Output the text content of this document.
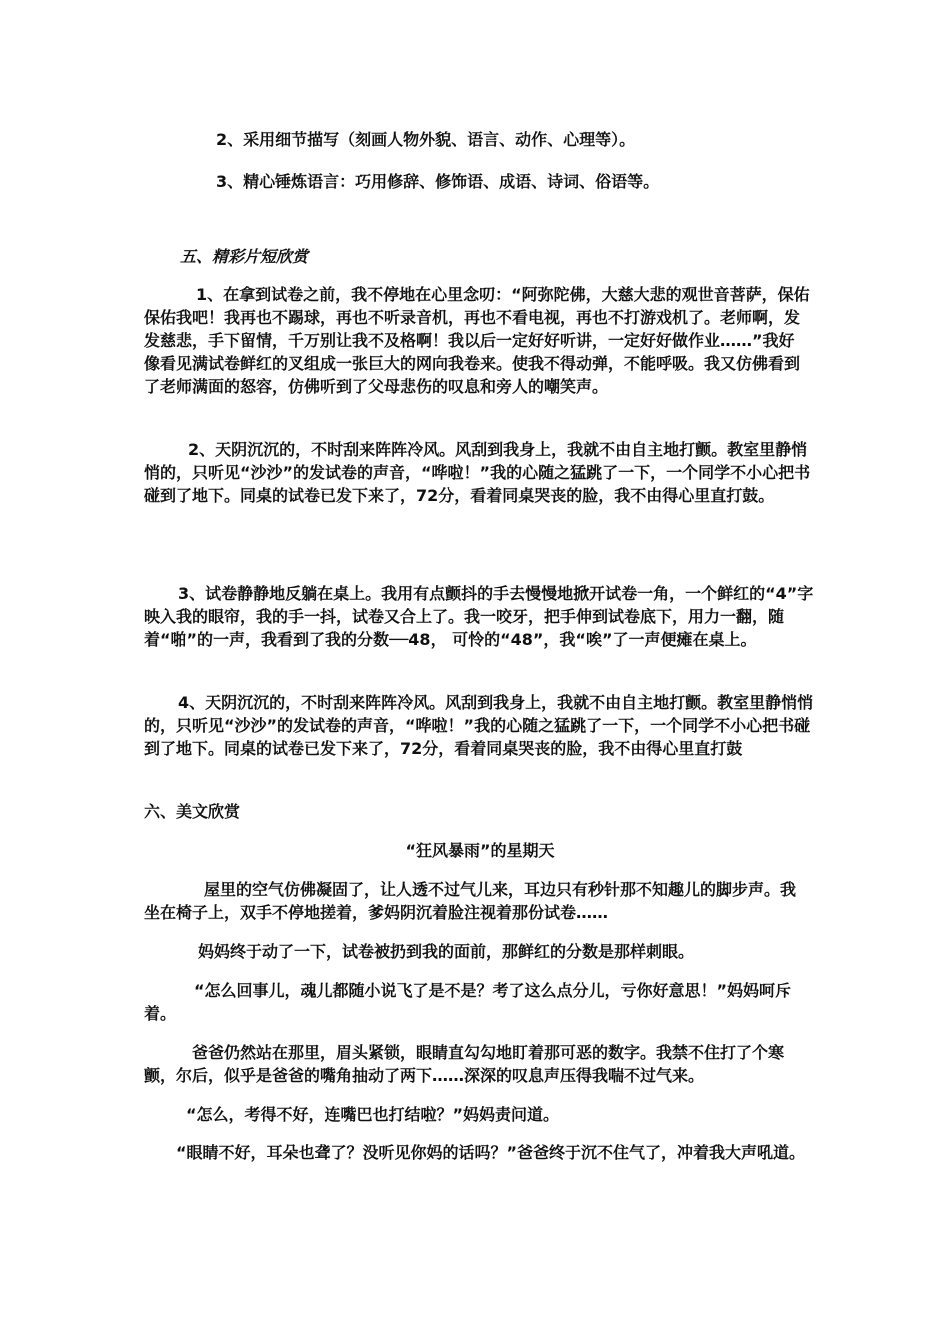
2、采用细节描写（刻画人物外貌、语言、动作、心理等）。
3、精心锤炼语言：巧用修辞、修饰语、成语、诗词、俗语等。
五、精彩片短欣赏
1、在拿到试卷之前，我不停地在心里念叨：“阿弥陀佛，大慈大悲的观世音菩萨，保佑保佑我吧！我再也不踢球，再也不听录音机，再也不看电视，再也不打游戏机了。老师啊，发发慈悲，手下留情，千万别让我不及格啊！我以后一定好好听讲，一定好好做作业……”我好像看见满试卷鲜红的叉组成一张巨大的网向我卷来。使我不得动弹，不能呼吸。我又仿佛看到了老师满面的怒容，仿佛听到了父母悲伤的叹息和旁人的嘲笑声。
2、天阴沉沉的，不时刮来阵阵冷风。风刮到我身上，我就不由自主地打颤。教室里静悄悄的，只听见“沙沙”的发试卷的声音，“哗啦！”我的心随之猛跳了一下，一个同学不小心把书碰到了地下。同桌的试卷已发下来了，72分，看着同桌哭丧的脸，我不由得心里直打鼓。
3、试卷静静地反躺在桌上。我用有点颤抖的手去慢慢地掀开试卷一角，一个鲜红的“4”字映入我的眼帘，我的手一抖，试卷又合上了。我一咬牙，把手伸到试卷底下，用力一翻，随着“啪”的一声，我看到了我的分数──48， 可怜的“48”，我“唉”了一声便瘫在桌上。
4、天阴沉沉的，不时刮来阵阵冷风。风刮到我身上，我就不由自主地打颤。教室里静悄悄的，只听见“沙沙”的发试卷的声音，“哗啦！”我的心随之猛跳了一下，一个同学不小心把书碰到了地下。同桌的试卷已发下来了，72分，看着同桌哭丧的脸，我不由得心里直打鼓
六、美文欣赏
“狂风暴雨”的星期天
屋里的空气仿佛凝固了，让人透不过气儿来，耳边只有秒针那不知趣儿的脚步声。我坐在椅子上，双手不停地搓着，爹妈阴沉着脸注视着那份试卷……
妈妈终于动了一下，试卷被扔到我的面前，那鲜红的分数是那样刺眼。
“怎么回事儿，魂儿都随小说飞了是不是？考了这么点分儿，亏你好意思！”妈妈呵斥着。
爸爸仍然站在那里，眉头紧锁，眼睛直勾勾地盯着那可恶的数字。我禁不住打了个寒颤，尔后，似乎是爸爸的嘴角抽动了两下……深深的叹息声压得我喘不过气来。
“怎么，考得不好，连嘴巴也打结啦？”妈妈责问道。
“眼睛不好，耳朵也聋了？没听见你妈的话吗？”爸爸终于沉不住气了，冲着我大声吼道。
